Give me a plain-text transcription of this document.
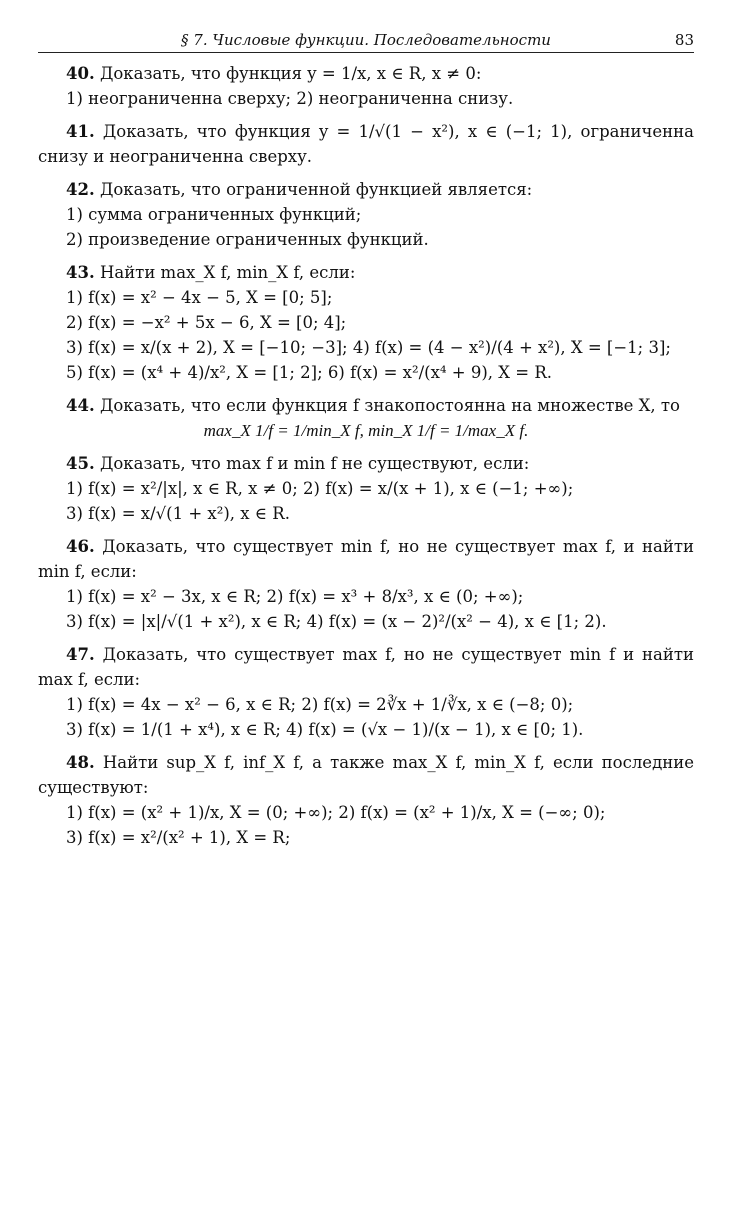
§ 7. Числовые функции. Последовательности	83
40. Доказать, что функция y = 1/x, x ∈ R, x ≠ 0:
1) неограниченна сверху; 2) неограниченна снизу.
41. Доказать, что функция y = 1/√(1 − x²), x ∈ (−1; 1), ограниченна снизу и неограниченна сверху.
42. Доказать, что ограниченной функцией является:
1) сумма ограниченных функций;
2) произведение ограниченных функций.
43. Найти max_X f, min_X f, если:
1) f(x) = x² − 4x − 5, X = [0; 5];
2) f(x) = −x² + 5x − 6, X = [0; 4];
3) f(x) = x/(x + 2), X = [−10; −3]; 4) f(x) = (4 − x²)/(4 + x²), X = [−1; 3];
5) f(x) = (x⁴ + 4)/x², X = [1; 2]; 6) f(x) = x²/(x⁴ + 9), X = R.
44. Доказать, что если функция f знакопостоянна на множестве X, то
max_X 1/f = 1/min_X f, min_X 1/f = 1/max_X f.
45. Доказать, что max f и min f не существуют, если:
1) f(x) = x²/|x|, x ∈ R, x ≠ 0; 2) f(x) = x/(x + 1), x ∈ (−1; +∞);
3) f(x) = x/√(1 + x²), x ∈ R.
46. Доказать, что существует min f, но не существует max f, и найти min f, если:
1) f(x) = x² − 3x, x ∈ R; 2) f(x) = x³ + 8/x³, x ∈ (0; +∞);
3) f(x) = |x|/√(1 + x²), x ∈ R; 4) f(x) = (x − 2)²/(x² − 4), x ∈ [1; 2).
47. Доказать, что существует max f, но не существует min f и найти max f, если:
1) f(x) = 4x − x² − 6, x ∈ R; 2) f(x) = 2∛x + 1/∛x, x ∈ (−8; 0);
3) f(x) = 1/(1 + x⁴), x ∈ R; 4) f(x) = (√x − 1)/(x − 1), x ∈ [0; 1).
48. Найти sup_X f, inf_X f, а также max_X f, min_X f, если последние существуют:
1) f(x) = (x² + 1)/x, X = (0; +∞); 2) f(x) = (x² + 1)/x, X = (−∞; 0);
3) f(x) = x²/(x² + 1), X = R;
